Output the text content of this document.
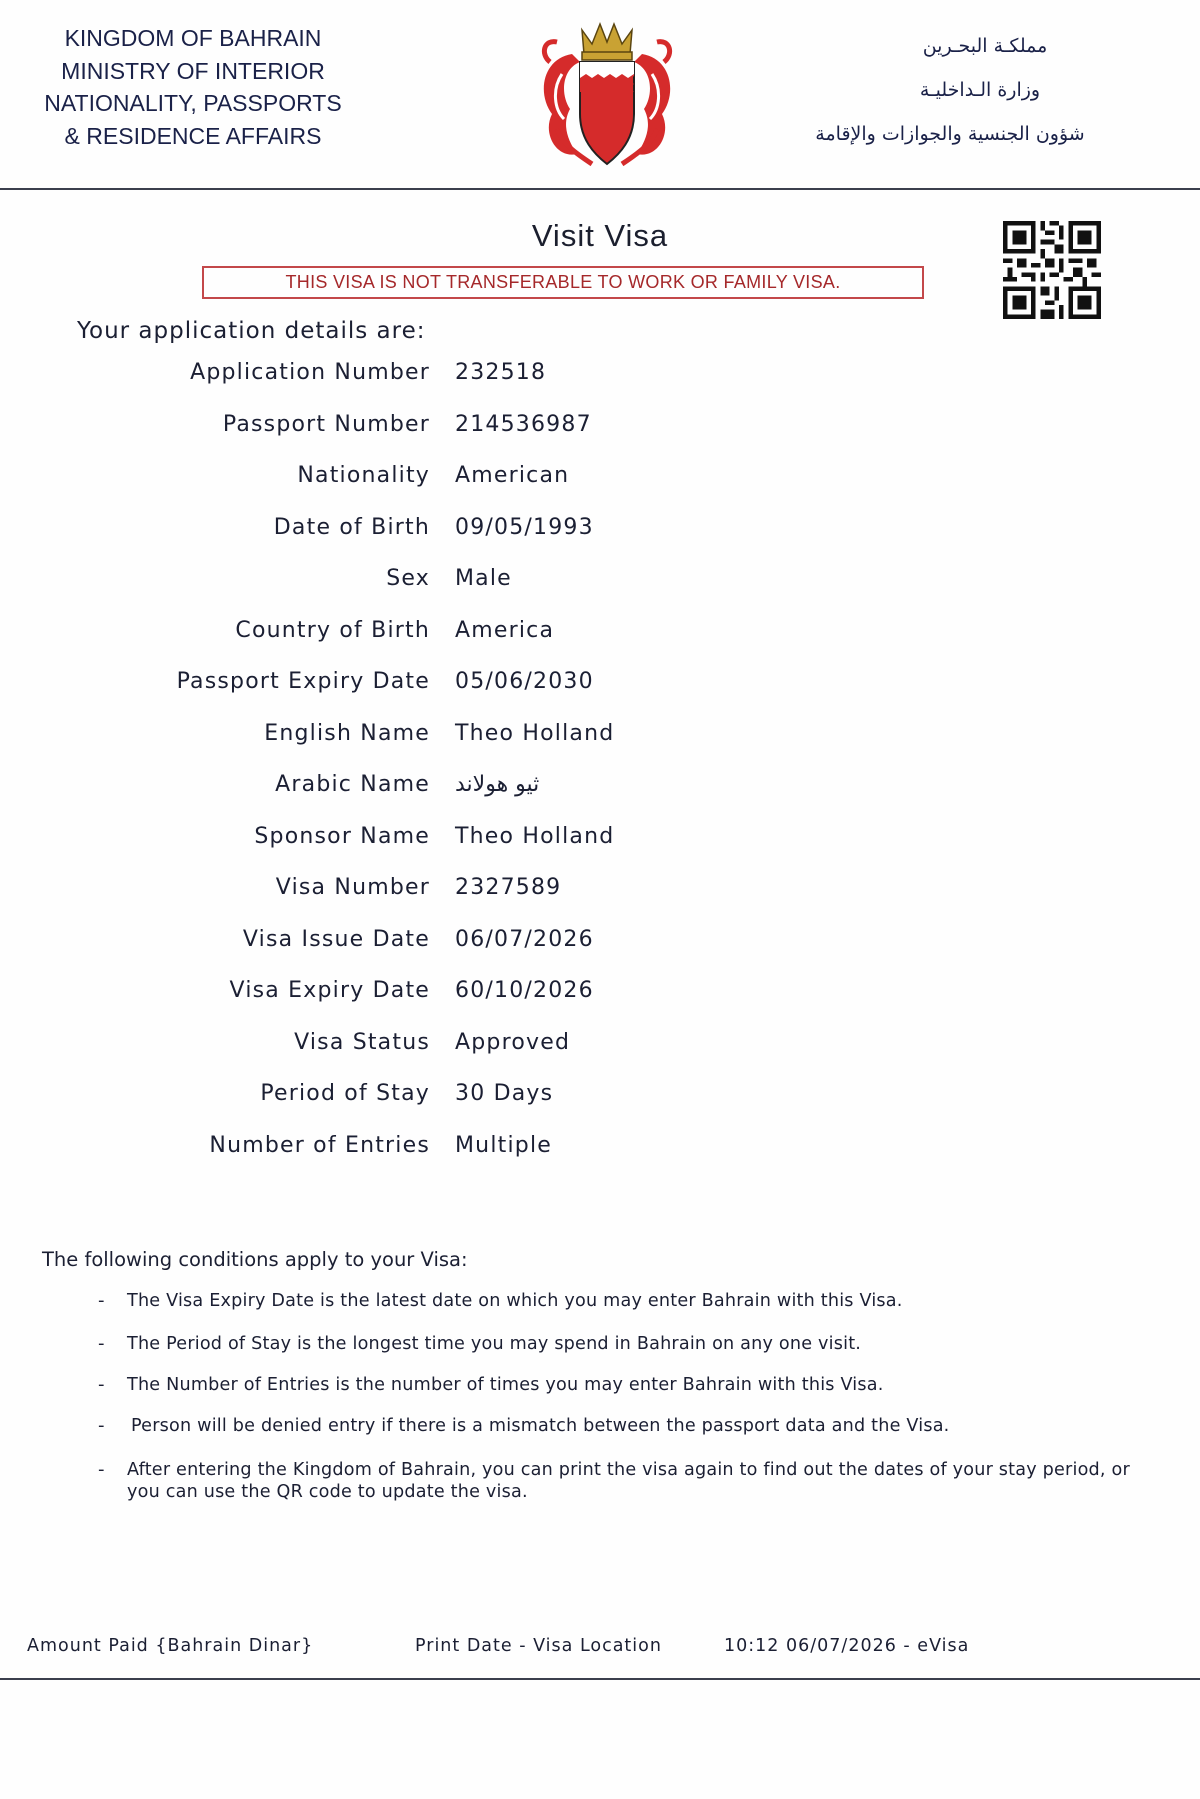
KINGDOM OF BAHRAIN
MINISTRY OF INTERIOR
NATIONALITY, PASSPORTS
& RESIDENCE AFFAIRS
مملكـة البحـرين
وزارة الـداخليـة
شؤون الجنسية والجوازات والإقامة
Visit Visa
THIS VISA IS NOT TRANSFERABLE TO WORK OR FAMILY VISA.
Your application details are:
Application Number 232518
Passport Number 214536987
Nationality American
Date of Birth 09/05/1993
Sex Male
Country of Birth America
Passport Expiry Date 05/06/2030
English Name Theo Holland
Arabic Name ثيو هولاند
Sponsor Name Theo Holland
Visa Number 2327589
Visa Issue Date 06/07/2026
Visa Expiry Date 60/10/2026
Visa Status Approved
Period of Stay 30 Days
Number of Entries Multiple
The following conditions apply to your Visa:
- The Visa Expiry Date is the latest date on which you may enter Bahrain with this Visa.
- The Period of Stay is the longest time you may spend in Bahrain on any one visit.
- The Number of Entries is the number of times you may enter Bahrain with this Visa.
- Person will be denied entry if there is a mismatch between the passport data and the Visa.
- After entering the Kingdom of Bahrain, you can print the visa again to find out the dates of your stay period, or you can use the QR code to update the visa.
Amount Paid {Bahrain Dinar}	Print Date - Visa Location	10:12 06/07/2026 - eVisa
